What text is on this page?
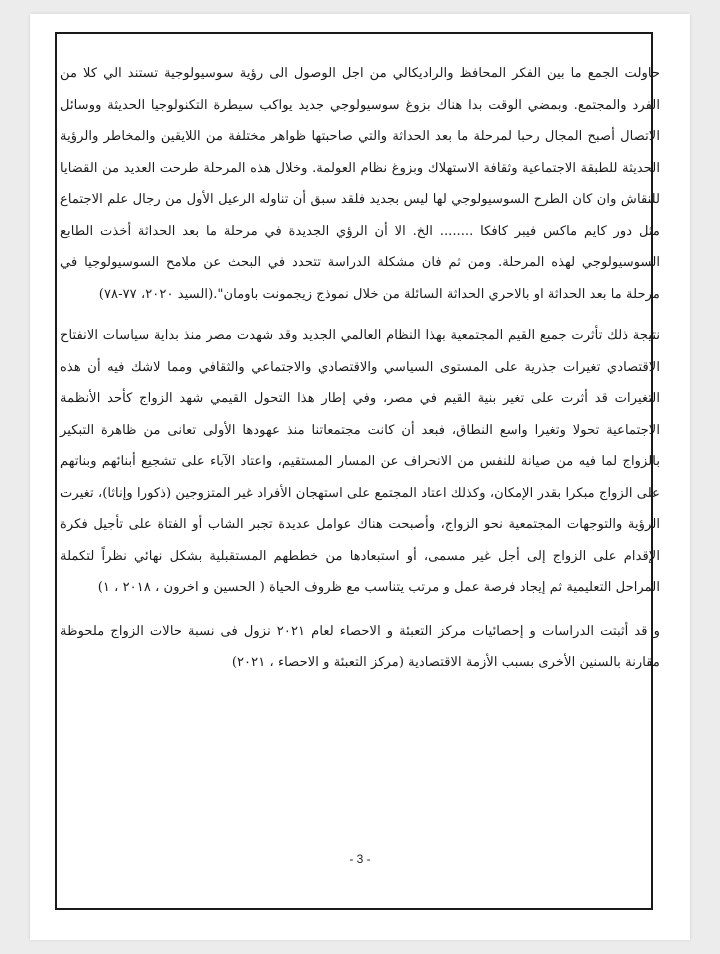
حاولت الجمع ما بين الفكر المحافظ والراديكالي من اجل الوصول الى رؤية سوسيولوجية تستند الي كلا من الفرد والمجتمع. وبمضي الوقت بدا هناك بزوغ سوسيولوجي جديد يواكب سيطرة التكنولوجيا الحديثة ووسائل الاتصال أصبح المجال رحبا لمرحلة ما بعد الحداثة والتي صاحبتها ظواهر مختلفة من اللايقين والمخاطر والرؤية الحديثة للطبقة الاجتماعية وثقافة الاستهلاك وبزوغ نظام العولمة. وخلال هذه المرحلة طرحت العديد من القضايا للنقاش وان كان الطرح السوسيولوجي لها ليس بجديد فلقد سبق أن تناوله الرعيل الأول من رجال علم الاجتماع مثل دور كايم ماكس فيبر كافكا ........ الخ. الا أن الرؤي الجديدة في مرحلة ما بعد الحداثة أخذت الطابع السوسيولوجي لهذه المرحلة. ومن ثم فان مشكلة الدراسة تتحدد في البحث عن ملامح السوسيولوجيا في مرحلة ما بعد الحداثة او بالاحري الحداثة السائلة من خلال نموذج زيجمونت باومان".(السيد ٢٠٢٠، ٧٧-٧٨)

نتيجة ذلك تأثرت جميع القيم المجتمعية بهذا النظام العالمي الجديد وقد شهدت مصر منذ بداية سياسات الانفتاح الاقتصادي تغيرات جذرية على المستوى السياسي والاقتصادي والاجتماعي والثقافي ومما لاشك فيه أن هذه التغيرات قد أثرت على تغير بنية القيم في مصر، وفي إطار هذا التحول القيمي شهد الزواج كأحد الأنظمة الاجتماعية تحولا وتغيرا واسع النطاق، فبعد أن كانت مجتمعاتنا منذ عهودها الأولى تعانى من ظاهرة التبكير بالزواج لما فيه من صيانة للنفس من الانحراف عن المسار المستقيم، واعتاد الآباء على تشجيع أبنائهم وبناتهم على الزواج مبكرا بقدر الإمكان، وكذلك اعتاد المجتمع على استهجان الأفراد غير المتزوجين (ذكورا وإناثا)، تغيرت الرؤية والتوجهات المجتمعية نحو الزواج، وأصبحت هناك عوامل عديدة تجبر الشاب أو الفتاة على تأجيل فكرة الإقدام على الزواج إلى أجل غير مسمى، أو استبعادها من خططهم المستقبلية بشكل نهائي نظراً لتكملة المراحل التعليمية ثم إيجاد فرصة عمل و مرتب يتناسب مع ظروف الحياة ( الحسين و اخرون ، ٢٠١٨ ، ١)

و قد أثبتت الدراسات و إحصائيات مركز التعبئة و الاحصاء لعام ٢٠٢١ نزول فى نسبة حالات الزواج ملحوظة مقارنة بالسنين الأخرى بسبب الأزمة الاقتصادية (مركز التعبئة و الاحصاء ، ٢٠٢١)

- 3 -
